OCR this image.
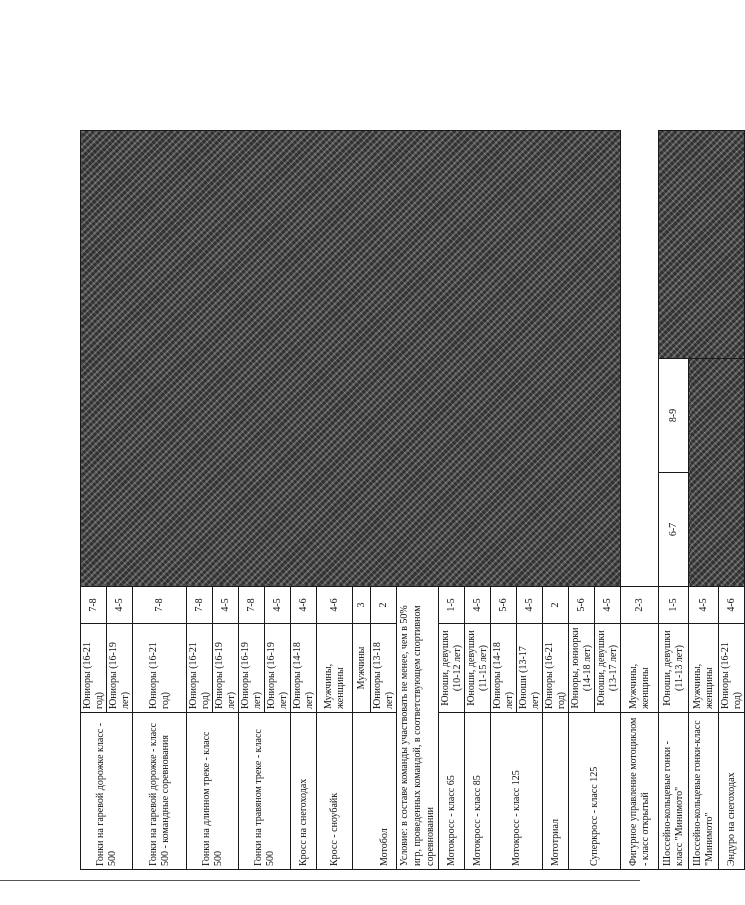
Гонки на гаревой дорожке класс - 500	Юниоры (16-21 год)	7-8			
	Юниоры (16-19 лет)	4-5			
Гонки на гаревой дорожке - класс 500 - командные соревнования	Юниоры (16-21 год)	7-8			
Гонки на длинном треке - класс 500	Юниоры (16-21 год)	7-8			
	Юниоры (16-19 лет)	4-5			
Гонки на травяном треке - класс 500	Юниоры (16-19 лет)	7-8			
	Юниоры (16-19 лет)	4-5			
Кросс на снегоходах	Юниоры (14-18 лет)	4-6			
Кросс - сноубайк	Мужчины, женщины	4-6			
Мотобол	Мужчины	3			
	Юниоры (13-18 лет)	2			
Условие: в составе команды участвовать не менее, чем в 50% игр, проведенных командой, в соответствующем спортивном соревновании					
Мотокросс - класс 65	Юноши, девушки (10-12 лет)	1-5			
Мотокросс - класс 85	Юноши, девушки (11-15 лет)	4-5			
Мотокросс - класс 125	Юниоры (14-18 лет)	5-6			
	Юноши (13-17 лет)	4-5			
Мототриал	Юниоры (16-21 год)	2			
Суперкросс - класс 125	Юниоры, юниорки (14-18 лет)	5-6			
	Юноши, девушки (13-17 лет)	4-5			
Фигурное управление мотоциклом - класс открытый	Мужчины, женщины	2-3			
Шоссейно-кольцевые гонки - класс "Минимото"	Юноши, девушки (11-13 лет)	1-5	6-7	8-9	
Шоссейно-кольцевые гонки-класс "Минимото"	Мужчины, женщины	4-5			
Эндуро на снегоходах	Юниоры (16-21 год)	4-6			
